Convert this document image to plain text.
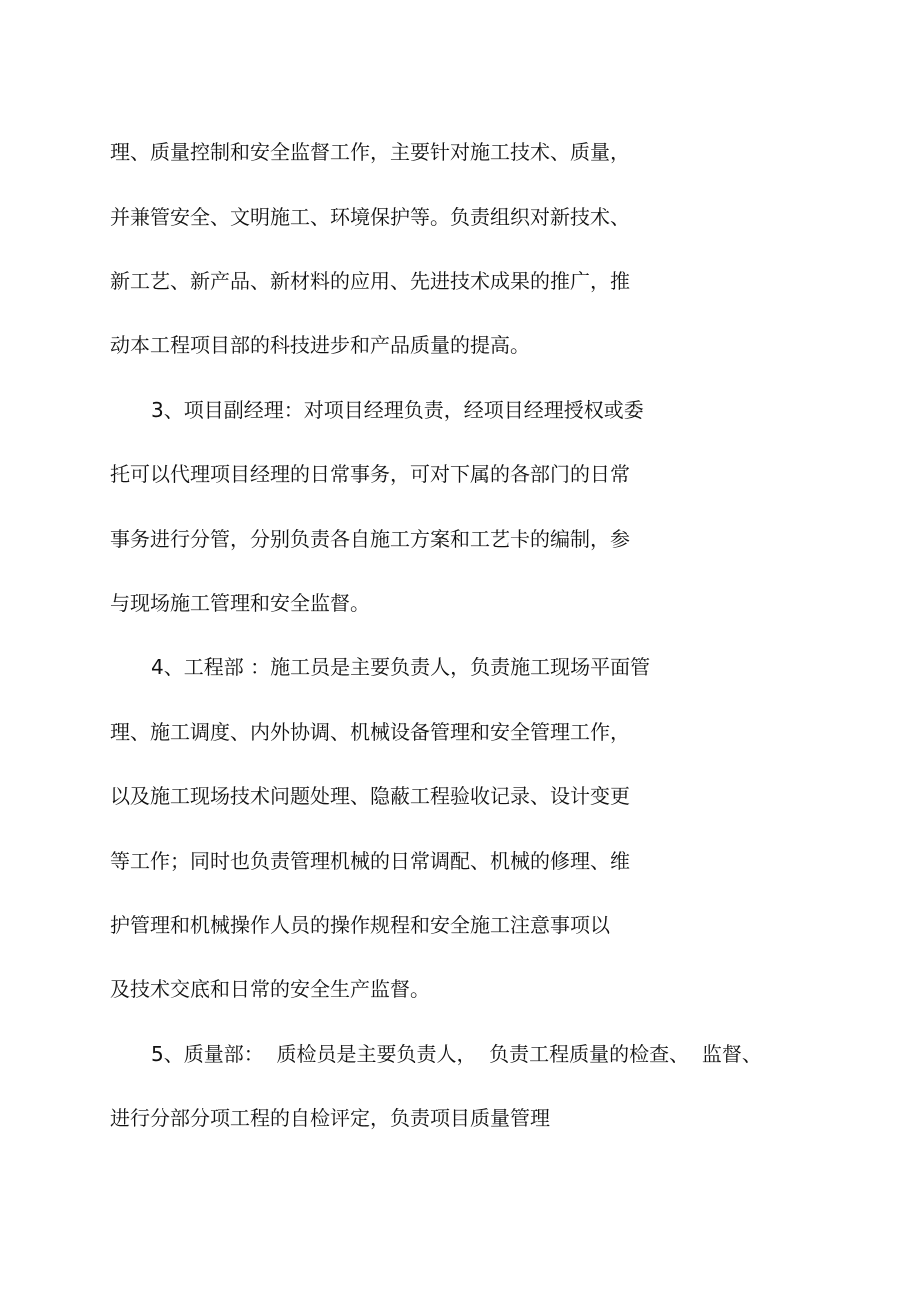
理、质量控制和安全监督工作，主要针对施工技术、质量，

并兼管安全、文明施工、环境保护等。负责组织对新技术、

新工艺、新产品、新材料的应用、先进技术成果的推广，推

动本工程项目部的科技进步和产品质量的提高。

3、项目副经理：对项目经理负责，经项目经理授权或委

托可以代理项目经理的日常事务，可对下属的各部门的日常

事务进行分管，分别负责各自施工方案和工艺卡的编制，参

与现场施工管理和安全监督。

4、工程部 ：施工员是主要负责人，负责施工现场平面管

理、施工调度、内外协调、机械设备管理和安全管理工作，

以及施工现场技术问题处理、隐蔽工程验收记录、设计变更

等工作；同时也负责管理机械的日常调配、机械的修理、维

护管理和机械操作人员的操作规程和安全施工注意事项以

及技术交底和日常的安全生产监督。

5、质量部：  质检员是主要负责人，  负责工程质量的检查、  监督、

进行分部分项工程的自检评定，负责项目质量管理
